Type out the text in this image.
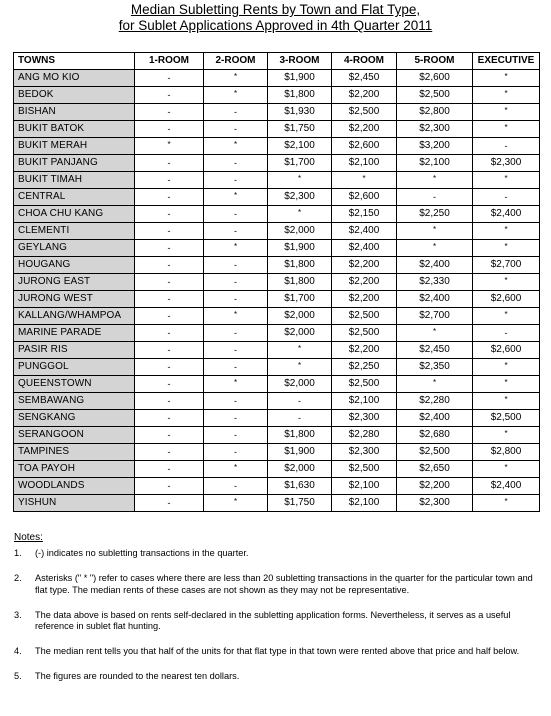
Median Subletting Rents by Town and Flat Type,
for Sublet Applications Approved in 4th Quarter 2011
TOWNS	1-ROOM	2-ROOM	3-ROOM	4-ROOM	5-ROOM	EXECUTIVE
ANG MO KIO	-	*	$1,900	$2,450	$2,600	*
BEDOK	-	*	$1,800	$2,200	$2,500	*
BISHAN	-	-	$1,930	$2,500	$2,800	*
BUKIT BATOK	-	-	$1,750	$2,200	$2,300	*
BUKIT MERAH	*	*	$2,100	$2,600	$3,200	-
BUKIT PANJANG	-	-	$1,700	$2,100	$2,100	$2,300
BUKIT TIMAH	-	-	*	*	*	*
CENTRAL	-	*	$2,300	$2,600	-	-
CHOA CHU KANG	-	-	*	$2,150	$2,250	$2,400
CLEMENTI	-	-	$2,000	$2,400	*	*
GEYLANG	-	*	$1,900	$2,400	*	*
HOUGANG	-	-	$1,800	$2,200	$2,400	$2,700
JURONG EAST	-	-	$1,800	$2,200	$2,330	*
JURONG WEST	-	-	$1,700	$2,200	$2,400	$2,600
KALLANG/WHAMPOA	-	*	$2,000	$2,500	$2,700	*
MARINE PARADE	-	-	$2,000	$2,500	*	-
PASIR RIS	-	-	*	$2,200	$2,450	$2,600
PUNGGOL	-	-	*	$2,250	$2,350	*
QUEENSTOWN	-	*	$2,000	$2,500	*	*
SEMBAWANG	-	-	-	$2,100	$2,280	*
SENGKANG	-	-	-	$2,300	$2,400	$2,500
SERANGOON	-	-	$1,800	$2,280	$2,680	*
TAMPINES	-	-	$1,900	$2,300	$2,500	$2,800
TOA PAYOH	-	*	$2,000	$2,500	$2,650	*
WOODLANDS	-	-	$1,630	$2,100	$2,200	$2,400
YISHUN	-	*	$1,750	$2,100	$2,300	*
Notes:
1. (-) indicates no subletting transactions in the quarter.
2. Asterisks (" * ") refer to cases where there are less than 20 subletting transactions in the quarter for the particular town and flat type. The median rents of these cases are not shown as they may not be representative.
3. The data above is based on rents self-declared in the subletting application forms. Nevertheless, it serves as a useful reference in sublet flat hunting.
4. The median rent tells you that half of the units for that flat type in that town were rented above that price and half below.
5. The figures are rounded to the nearest ten dollars.
